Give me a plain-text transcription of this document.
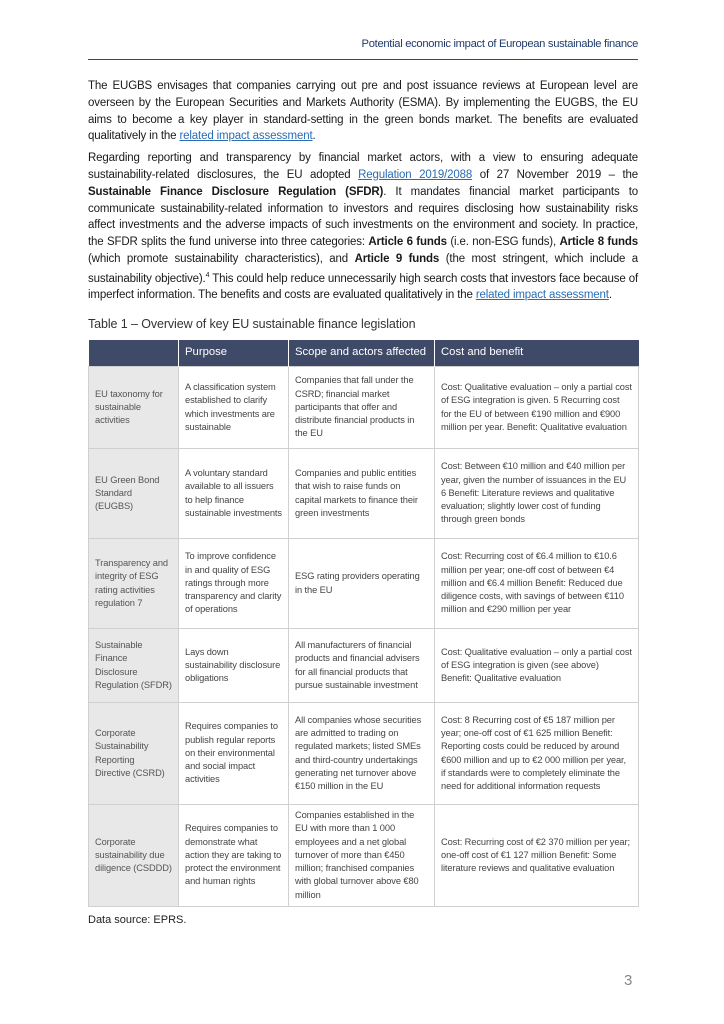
Potential economic impact of European sustainable finance

The EUGBS envisages that companies carrying out pre and post issuance reviews at European level are overseen by the European Securities and Markets Authority (ESMA). By implementing the EUGBS, the EU aims to become a key player in standard-setting in the green bonds market. The benefits are evaluated qualitatively in the related impact assessment.

Regarding reporting and transparency by financial market actors, with a view to ensuring adequate sustainability-related disclosures, the EU adopted Regulation 2019/2088 of 27 November 2019 – the Sustainable Finance Disclosure Regulation (SFDR). It mandates financial market participants to communicate sustainability-related information to investors and requires disclosing how sustainability risks affect investments and the adverse impacts of such investments on the environment and society. In practice, the SFDR splits the fund universe into three categories: Article 6 funds (i.e. non-ESG funds), Article 8 funds (which promote sustainability characteristics), and Article 9 funds (the most stringent, which include a sustainability objective).$^4$ This could help reduce unnecessarily high search costs that investors face because of imperfect information. The benefits and costs are evaluated qualitatively in the related impact assessment.

Table 1 – Overview of key EU sustainable finance legislation
	Purpose	Scope and actors affected	Cost and benefit
EU taxonomy for sustainable activities	A classification system established to clarify which investments are sustainable	Companies that fall under the CSRD; financial market participants that offer and distribute financial products in the EU	Cost: Qualitative evaluation – only a partial cost of ESG integration is given. 5 Recurring cost for the EU of between €190 million and €900 million per year. Benefit: Qualitative evaluation
EU Green Bond Standard (EUGBS)	A voluntary standard available to all issuers to help finance sustainable investments	Companies and public entities that wish to raise funds on capital markets to finance their green investments	Cost: Between €10 million and €40 million per year, given the number of issuances in the EU 6 Benefit: Literature reviews and qualitative evaluation; slightly lower cost of funding through green bonds
Transparency and integrity of ESG rating activities regulation 7	To improve confidence in and quality of ESG ratings through more transparency and clarity of operations	ESG rating providers operating in the EU	Cost: Recurring cost of €6.4 million to €10.6 million per year; one-off cost of between €4 million and €6.4 million Benefit: Reduced due diligence costs, with savings of between €110 million and €290 million per year
Sustainable Finance Disclosure Regulation (SFDR)	Lays down sustainability disclosure obligations	All manufacturers of financial products and financial advisers for all financial products that pursue sustainable investment	Cost: Qualitative evaluation – only a partial cost of ESG integration is given (see above) Benefit: Qualitative evaluation
Corporate Sustainability Reporting Directive (CSRD)	Requires companies to publish regular reports on their environmental and social impact activities	All companies whose securities are admitted to trading on regulated markets; listed SMEs and third-country undertakings generating net turnover above €150 million in the EU	Cost: 8 Recurring cost of €5 187 million per year; one-off cost of €1 625 million Benefit: Reporting costs could be reduced by around €600 million and up to €2 000 million per year, if standards were to completely eliminate the need for additional information requests
Corporate sustainability due diligence (CSDDD)	Requires companies to demonstrate what action they are taking to protect the environment and human rights	Companies established in the EU with more than 1 000 employees and a net global turnover of more than €450 million; franchised companies with global turnover above €80 million	Cost: Recurring cost of €2 370 million per year; one-off cost of €1 127 million Benefit: Some literature reviews and qualitative evaluation
Data source: EPRS.
3
